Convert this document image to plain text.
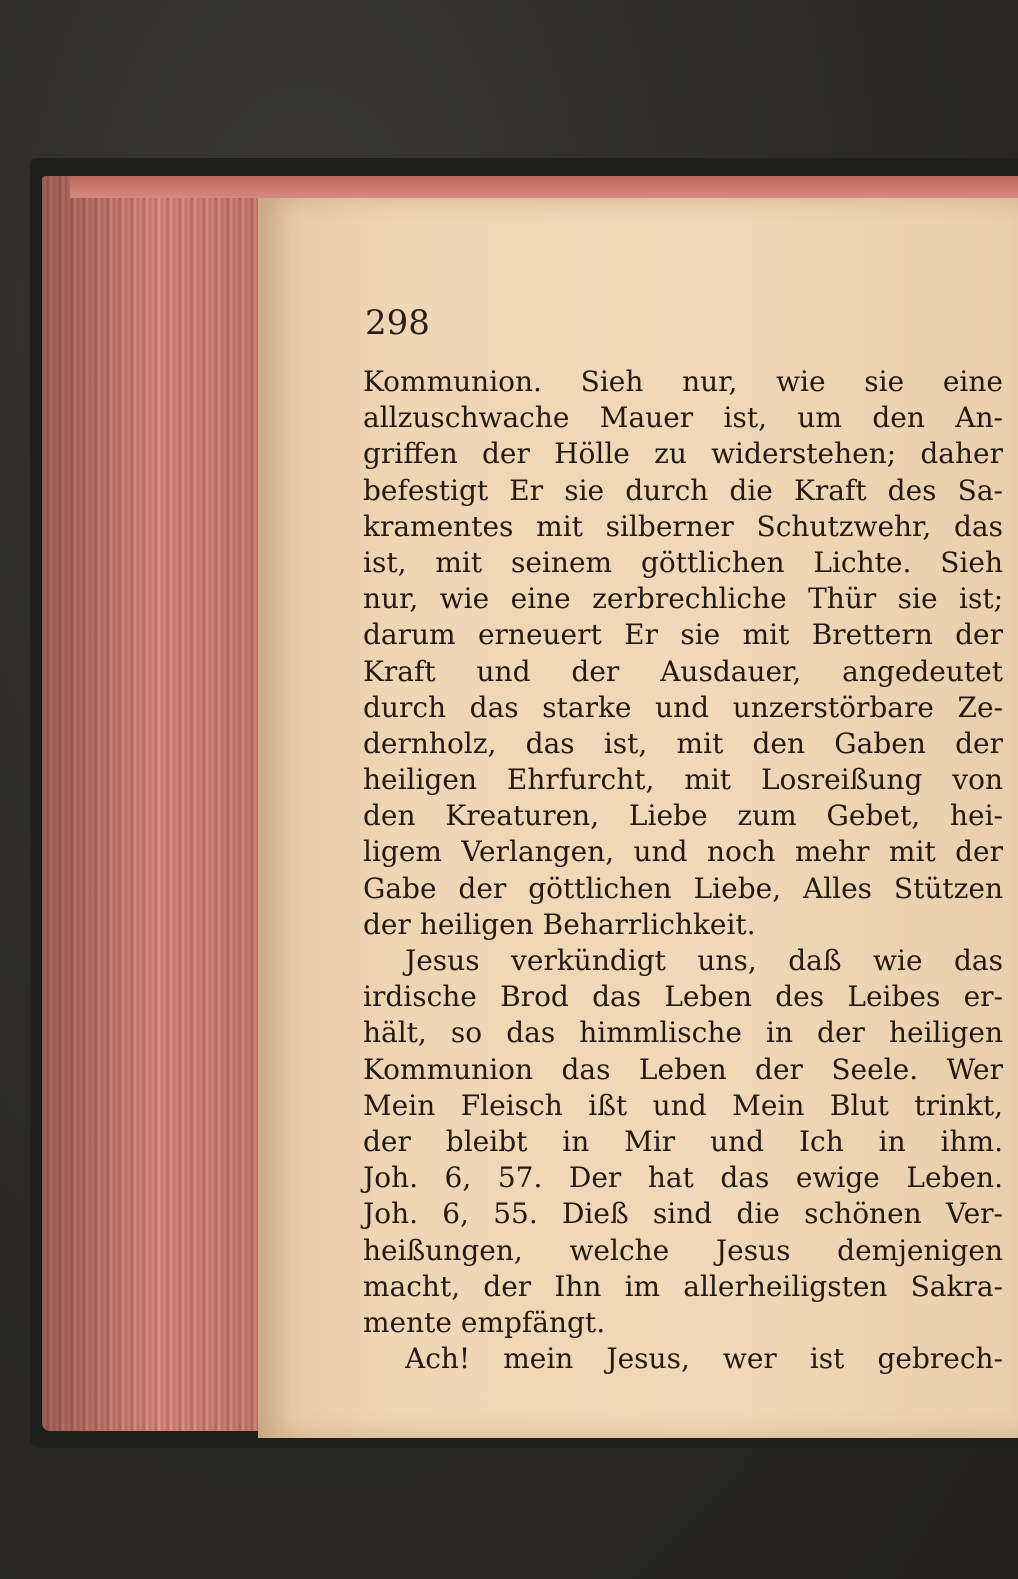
298

Kommunion. Sieh nur, wie sie eine
allzuschwache Mauer ist, um den An-
griffen der Hölle zu widerstehen; daher
befestigt Er sie durch die Kraft des Sa-
kramentes mit silberner Schutzwehr, das
ist, mit seinem göttlichen Lichte. Sieh
nur, wie eine zerbrechliche Thür sie ist;
darum erneuert Er sie mit Brettern der
Kraft und der Ausdauer, angedeutet
durch das starke und unzerstörbare Ze-
dernholz, das ist, mit den Gaben der
heiligen Ehrfurcht, mit Losreißung von
den Kreaturen, Liebe zum Gebet, hei-
ligem Verlangen, und noch mehr mit der
Gabe der göttlichen Liebe, Alles Stützen
der heiligen Beharrlichkeit.
Jesus verkündigt uns, daß wie das
irdische Brod das Leben des Leibes er-
hält, so das himmlische in der heiligen
Kommunion das Leben der Seele. Wer
Mein Fleisch ißt und Mein Blut trinkt,
der bleibt in Mir und Ich in ihm.
Joh. 6, 57. Der hat das ewige Leben.
Joh. 6, 55. Dieß sind die schönen Ver-
heißungen, welche Jesus demjenigen
macht, der Ihn im allerheiligsten Sakra-
mente empfängt.
Ach! mein Jesus, wer ist gebrech-
